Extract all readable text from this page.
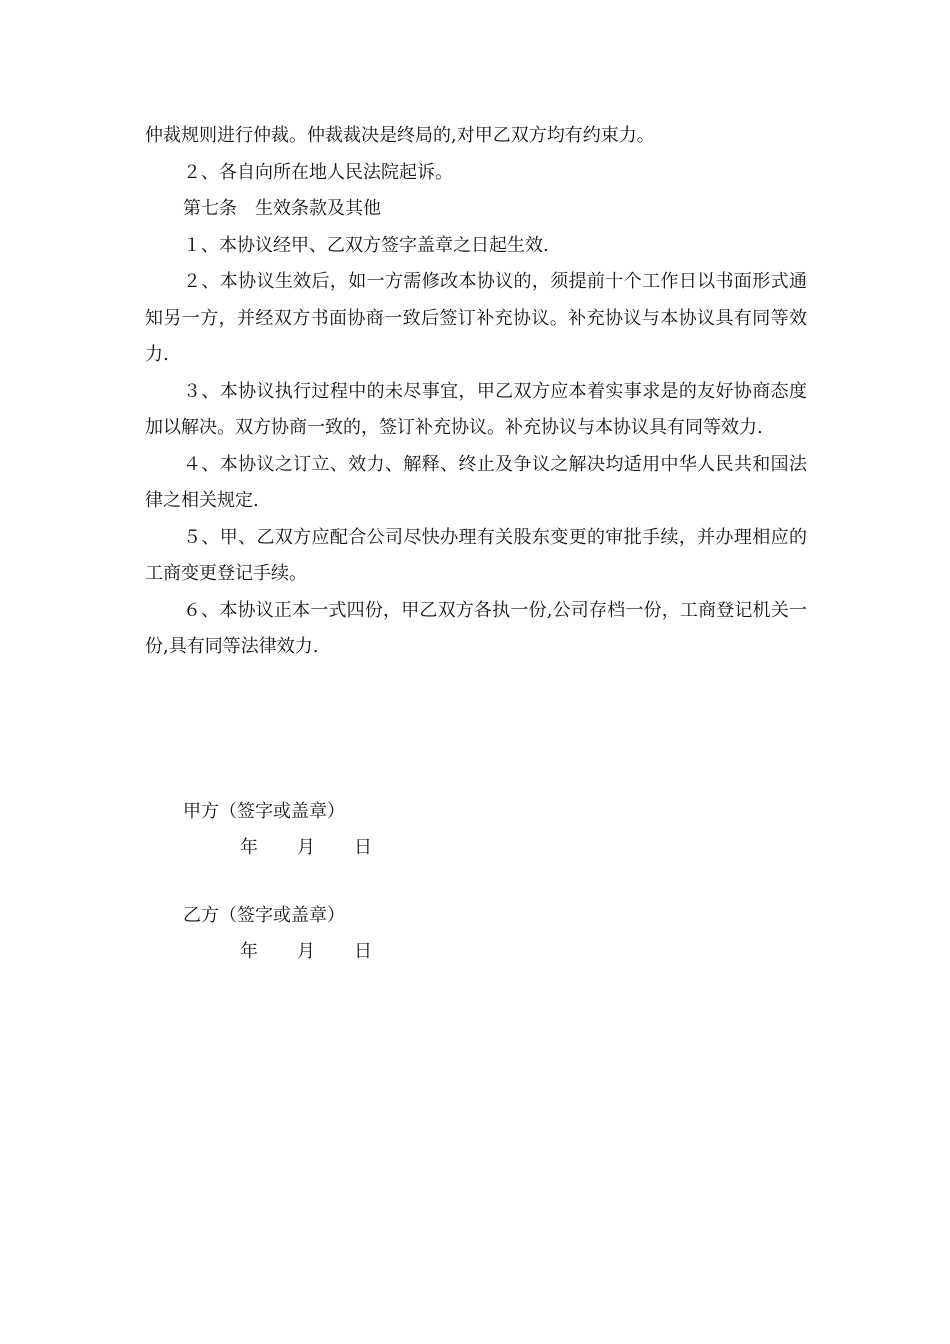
仲裁规则进行仲裁。仲裁裁决是终局的,对甲乙双方均有约束力。

２、各自向所在地人民法院起诉。

第七条　生效条款及其他

１、本协议经甲、乙双方签字盖章之日起生效.

２、本协议生效后，如一方需修改本协议的，须提前十个工作日以书面形式通知另一方，并经双方书面协商一致后签订补充协议。补充协议与本协议具有同等效力.

３、本协议执行过程中的未尽事宜，甲乙双方应本着实事求是的友好协商态度加以解决。双方协商一致的，签订补充协议。补充协议与本协议具有同等效力.

４、本协议之订立、效力、解释、终止及争议之解决均适用中华人民共和国法律之相关规定.

５、甲、乙双方应配合公司尽快办理有关股东变更的审批手续，并办理相应的工商变更登记手续。

６、本协议正本一式四份，甲乙双方各执一份,公司存档一份，工商登记机关一份,具有同等法律效力.

甲方（签字或盖章）
年 月 日
乙方（签字或盖章）
年 月 日
